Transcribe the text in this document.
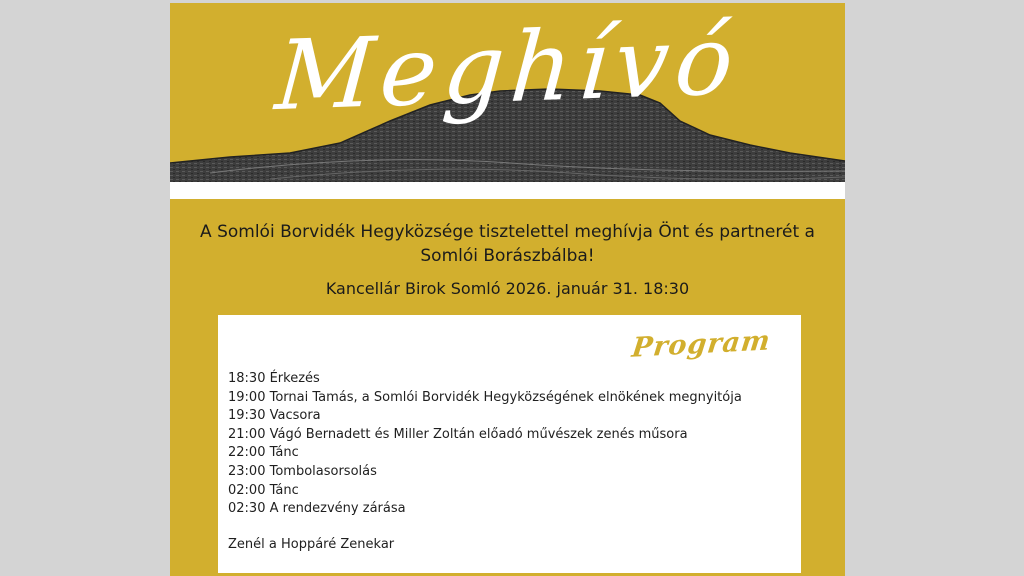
Meghívó
A Somlói Borvidék Hegyközsége tisztelettel meghívja Önt és partnerét a Somlói Borászbálba!
Kancellár Birok Somló 2026. január 31. 18:30
Program
18:30 Érkezés
19:00 Tornai Tamás, a Somlói Borvidék Hegyközségének elnökének megnyitója
19:30 Vacsora
21:00 Vágó Bernadett és Miller Zoltán előadó művészek zenés műsora
22:00 Tánc
23:00 Tombolasorsolás
02:00 Tánc
02:30 A rendezvény zárása
Zenél a Hoppáré Zenekar
